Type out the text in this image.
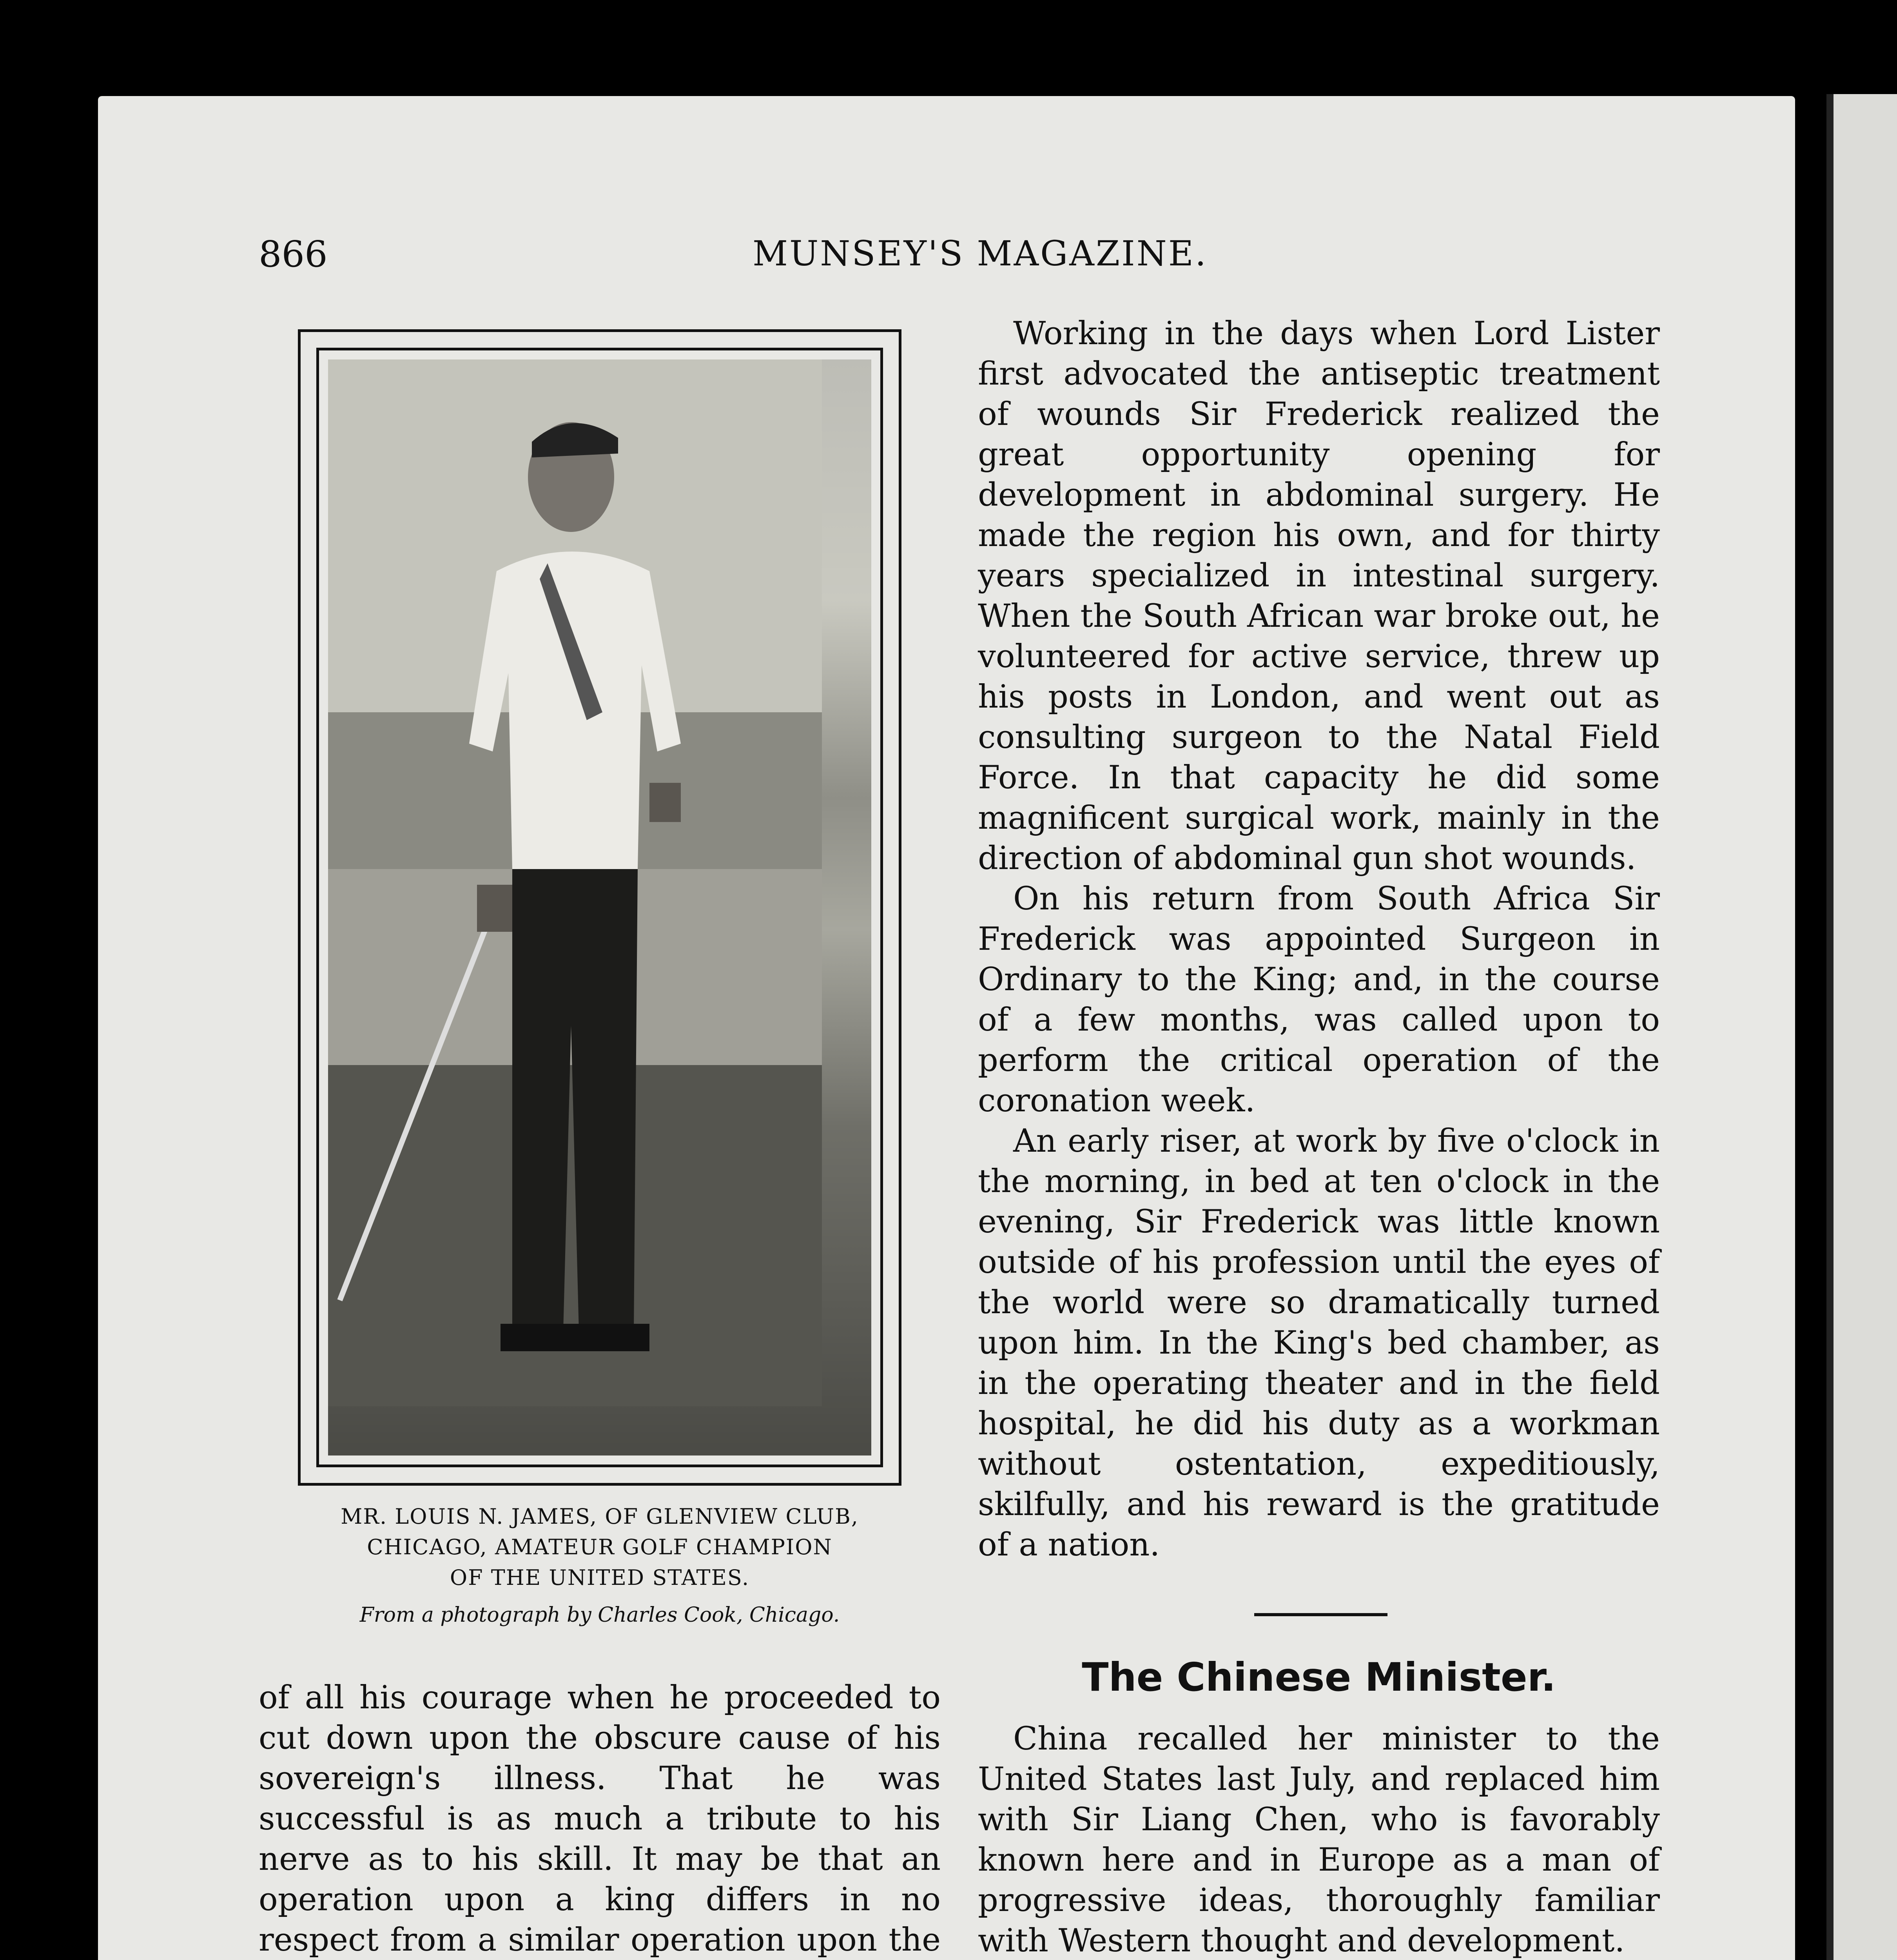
866	MUNSEY'S MAGAZINE.
MR. LOUIS N. JAMES, OF GLENVIEW CLUB,
CHICAGO, AMATEUR GOLF CHAMPION
OF THE UNITED STATES.
From a photograph by Charles Cook, Chicago.

Working in the days when Lord Lister first advocated the antiseptic treatment of wounds Sir Frederick realized the great opportunity opening for development in abdominal surgery. He made the region his own, and for thirty years specialized in intestinal surgery. When the South African war broke out, he volunteered for active service, threw up his posts in London, and went out as consulting surgeon to the Natal Field Force. In that capacity he did some magnificent surgical work, mainly in the direction of abdominal gun shot wounds.

On his return from South Africa Sir Frederick was appointed Surgeon in Ordinary to the King; and, in the course of a few months, was called upon to perform the critical operation of the coronation week.

An early riser, at work by five o'clock in the morning, in bed at ten o'clock in the evening, Sir Frederick was little known outside of his profession until the eyes of the world were so dramatically turned upon him. In the King's bed chamber, as in the operating theater and in the field hospital, he did his duty as a workman without ostentation, expeditiously, skilfully, and his reward is the gratitude of a nation.

The Chinese Minister.

China recalled her minister to the United States last July, and replaced him with Sir Liang Chen, who is favorably known here and in Europe as a man of progressive ideas, thoroughly familiar with Western thought and development.

of all his courage when he proceeded to cut down upon the obscure cause of his sovereign's illness. That he was successful is as much a tribute to his nerve as to his skill. It may be that an operation upon a king differs in no respect from a similar operation upon the
